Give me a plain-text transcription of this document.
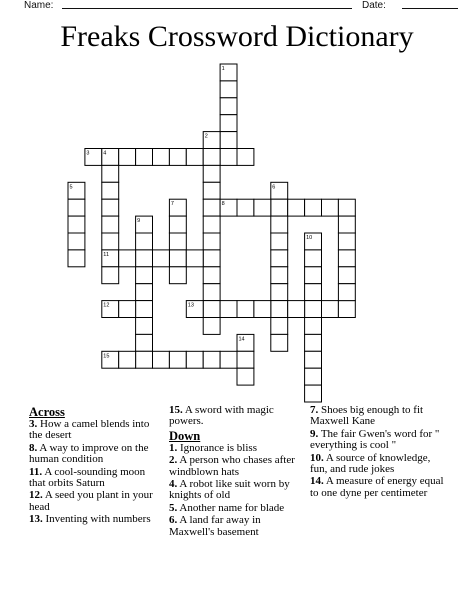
Name:	Date:
Freaks Crossword Dictionary
1
2
3	4
5	6
7	8
9
10
11
12	13
14
15
Across
3. How a camel blends into the desert
8. A way to improve on the human condition
11. A cool-sounding moon that orbits Saturn
12. A seed you plant in your head
13. Inventing with numbers
15. A sword with magic powers.
Down
1. Ignorance is bliss
2. A person who chases after windblown hats
4. A robot like suit worn by knights of old
5. Another name for blade
6. A land far away in Maxwell's basement
7. Shoes big enough to fit Maxwell Kane
9. The fair Gwen's word for " everything is cool "
10. A source of knowledge, fun, and rude jokes
14. A measure of energy equal to one dyne per centimeter
